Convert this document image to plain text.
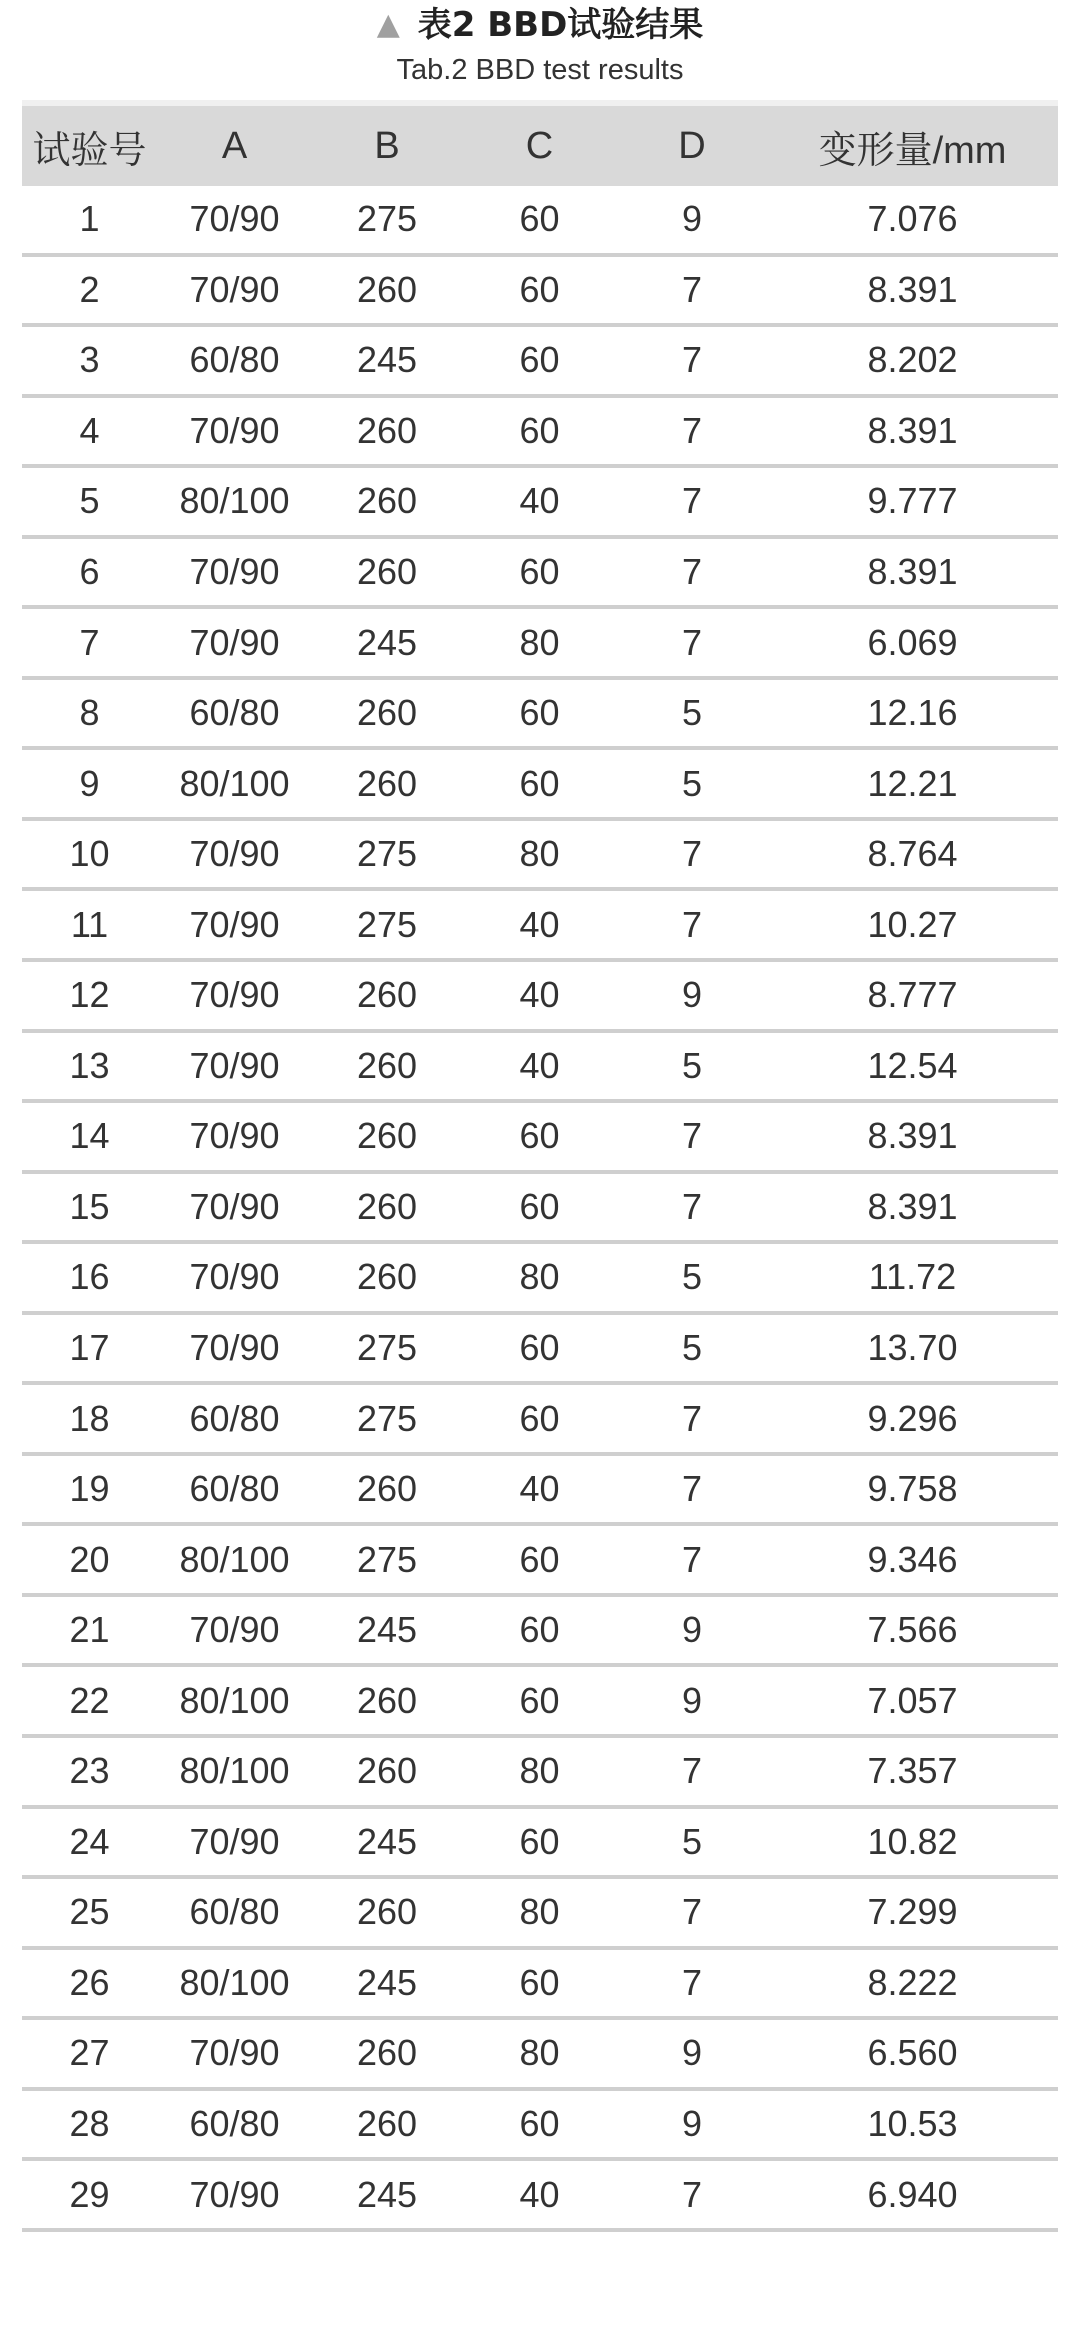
▲ 表2 BBD试验结果
Tab.2 BBD test results
试验号	A	B	C	D	变形量/mm
1	70/90	275	60	9	7.076
2	70/90	260	60	7	8.391
3	60/80	245	60	7	8.202
4	70/90	260	60	7	8.391
5	80/100	260	40	7	9.777
6	70/90	260	60	7	8.391
7	70/90	245	80	7	6.069
8	60/80	260	60	5	12.16
9	80/100	260	60	5	12.21
10	70/90	275	80	7	8.764
11	70/90	275	40	7	10.27
12	70/90	260	40	9	8.777
13	70/90	260	40	5	12.54
14	70/90	260	60	7	8.391
15	70/90	260	60	7	8.391
16	70/90	260	80	5	11.72
17	70/90	275	60	5	13.70
18	60/80	275	60	7	9.296
19	60/80	260	40	7	9.758
20	80/100	275	60	7	9.346
21	70/90	245	60	9	7.566
22	80/100	260	60	9	7.057
23	80/100	260	80	7	7.357
24	70/90	245	60	5	10.82
25	60/80	260	80	7	7.299
26	80/100	245	60	7	8.222
27	70/90	260	80	9	6.560
28	60/80	260	60	9	10.53
29	70/90	245	40	7	6.940
